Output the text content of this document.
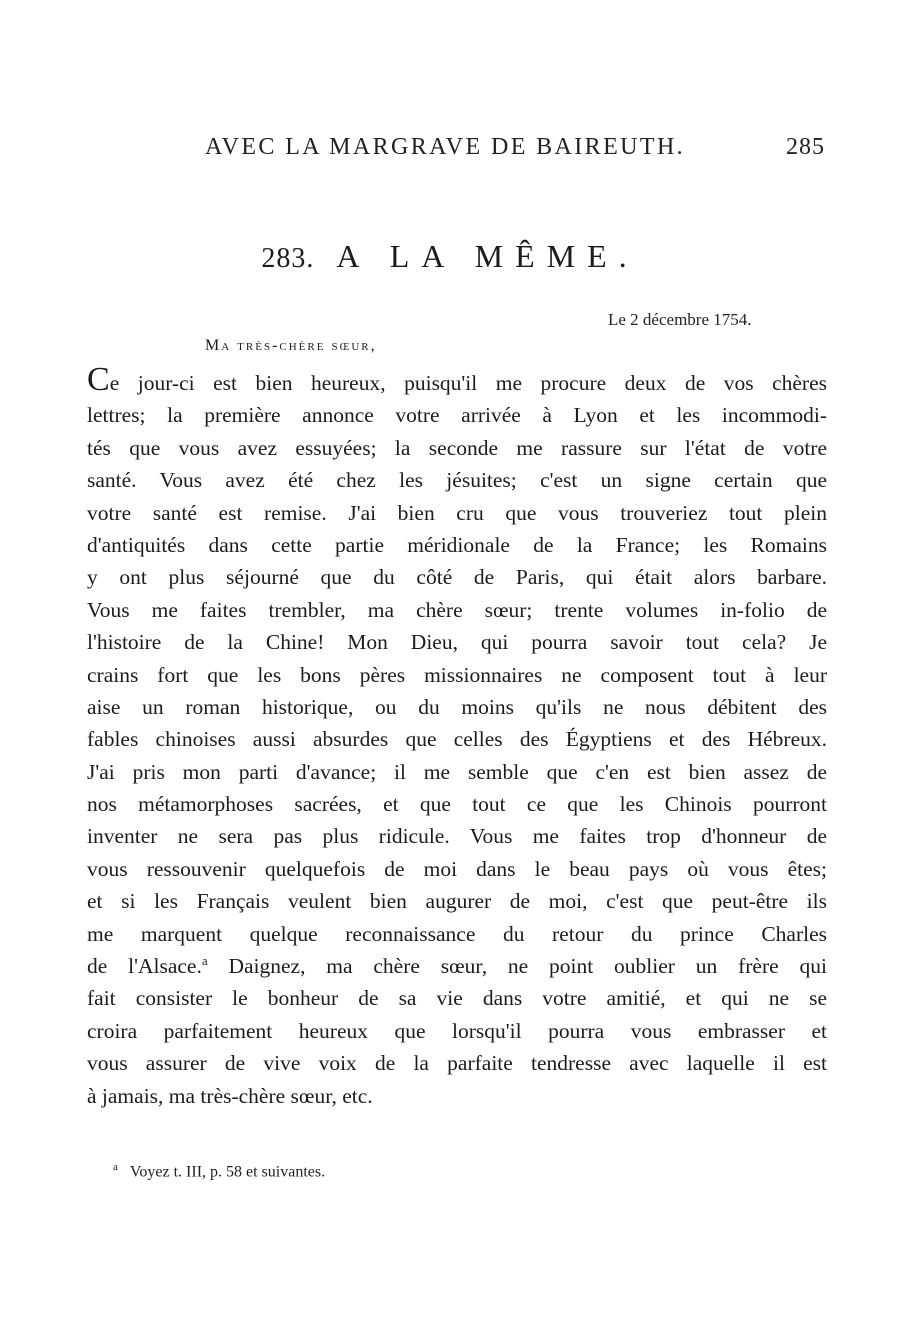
AVEC LA MARGRAVE DE BAIREUTH.	285
283. A LA MÊME.
Le 2 décembre 1754.
Ma très-chère sœur,
Ce jour-ci est bien heureux, puisqu'il me procure deux de vos chères
lettres; la première annonce votre arrivée à Lyon et les incommodi-
tés que vous avez essuyées; la seconde me rassure sur l'état de votre
santé. Vous avez été chez les jésuites; c'est un signe certain que
votre santé est remise. J'ai bien cru que vous trouveriez tout plein
d'antiquités dans cette partie méridionale de la France; les Romains
y ont plus séjourné que du côté de Paris, qui était alors barbare.
Vous me faites trembler, ma chère sœur; trente volumes in-folio de
l'histoire de la Chine! Mon Dieu, qui pourra savoir tout cela? Je
crains fort que les bons pères missionnaires ne composent tout à leur
aise un roman historique, ou du moins qu'ils ne nous débitent des
fables chinoises aussi absurdes que celles des Égyptiens et des Hébreux.
J'ai pris mon parti d'avance; il me semble que c'en est bien assez de
nos métamorphoses sacrées, et que tout ce que les Chinois pourront
inventer ne sera pas plus ridicule. Vous me faites trop d'honneur de
vous ressouvenir quelquefois de moi dans le beau pays où vous êtes;
et si les Français veulent bien augurer de moi, c'est que peut-être ils
me marquent quelque reconnaissance du retour du prince Charles
de l'Alsace.$^a$ Daignez, ma chère sœur, ne point oublier un frère qui
fait consister le bonheur de sa vie dans votre amitié, et qui ne se
croira parfaitement heureux que lorsqu'il pourra vous embrasser et
vous assurer de vive voix de la parfaite tendresse avec laquelle il est
à jamais, ma très-chère sœur, etc.
$^a$ Voyez t. III, p. 58 et suivantes.
